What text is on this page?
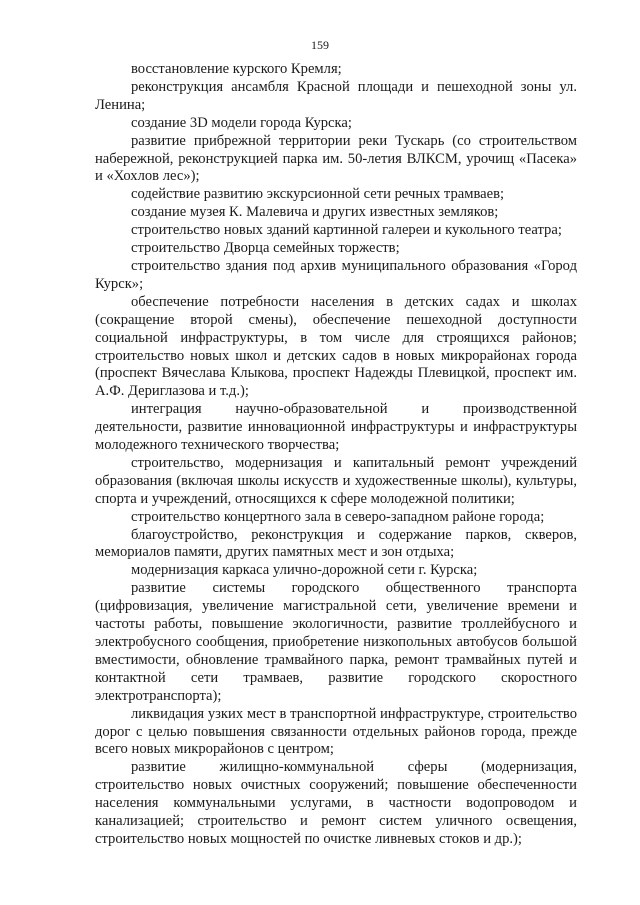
159

восстановление курского Кремля;

реконструкция ансамбля Красной площади и пешеходной зоны ул. Ленина;

создание 3D модели города Курска;

развитие прибрежной территории реки Тускарь (со строительством набережной, реконструкцией парка им. 50-летия ВЛКСМ, урочищ «Пасека» и «Хохлов лес»);

содействие развитию экскурсионной сети речных трамваев;

создание музея К. Малевича и других известных земляков;

строительство новых зданий картинной галереи и кукольного театра;

строительство Дворца семейных торжеств;

строительство здания под архив муниципального образования «Город Курск»;

обеспечение потребности населения в детских садах и школах (сокращение второй смены), обеспечение пешеходной доступности социальной инфраструктуры, в том числе для строящихся районов; строительство новых школ и детских садов в новых микрорайонах города (проспект Вячеслава Клыкова, проспект Надежды Плевицкой, проспект им. А.Ф. Дериглазова и т.д.);

интеграция научно-образовательной и производственной деятельности, развитие инновационной инфраструктуры и инфраструктуры молодежного технического творчества;

строительство, модернизация и капитальный ремонт учреждений образования (включая школы искусств и художественные школы), культуры, спорта и учреждений, относящихся к сфере молодежной политики;

строительство концертного зала в северо-западном районе города;

благоустройство, реконструкция и содержание парков, скверов, мемориалов памяти, других памятных мест и зон отдыха;

модернизация каркаса улично-дорожной сети г. Курска;

развитие системы городского общественного транспорта (цифровизация, увеличение магистральной сети, увеличение времени и частоты работы, повышение экологичности, развитие троллейбусного и электробусного сообщения, приобретение низкопольных автобусов большой вместимости, обновление трамвайного парка, ремонт трамвайных путей и контактной сети трамваев, развитие городского скоростного электротранспорта);

ликвидация узких мест в транспортной инфраструктуре, строительство дорог с целью повышения связанности отдельных районов города, прежде всего новых микрорайонов с центром;

развитие жилищно-коммунальной сферы (модернизация, строительство новых очистных сооружений; повышение обеспеченности населения коммунальными услугами, в частности водопроводом и канализацией; строительство и ремонт систем уличного освещения, строительство новых мощностей по очистке ливневых стоков и др.);
